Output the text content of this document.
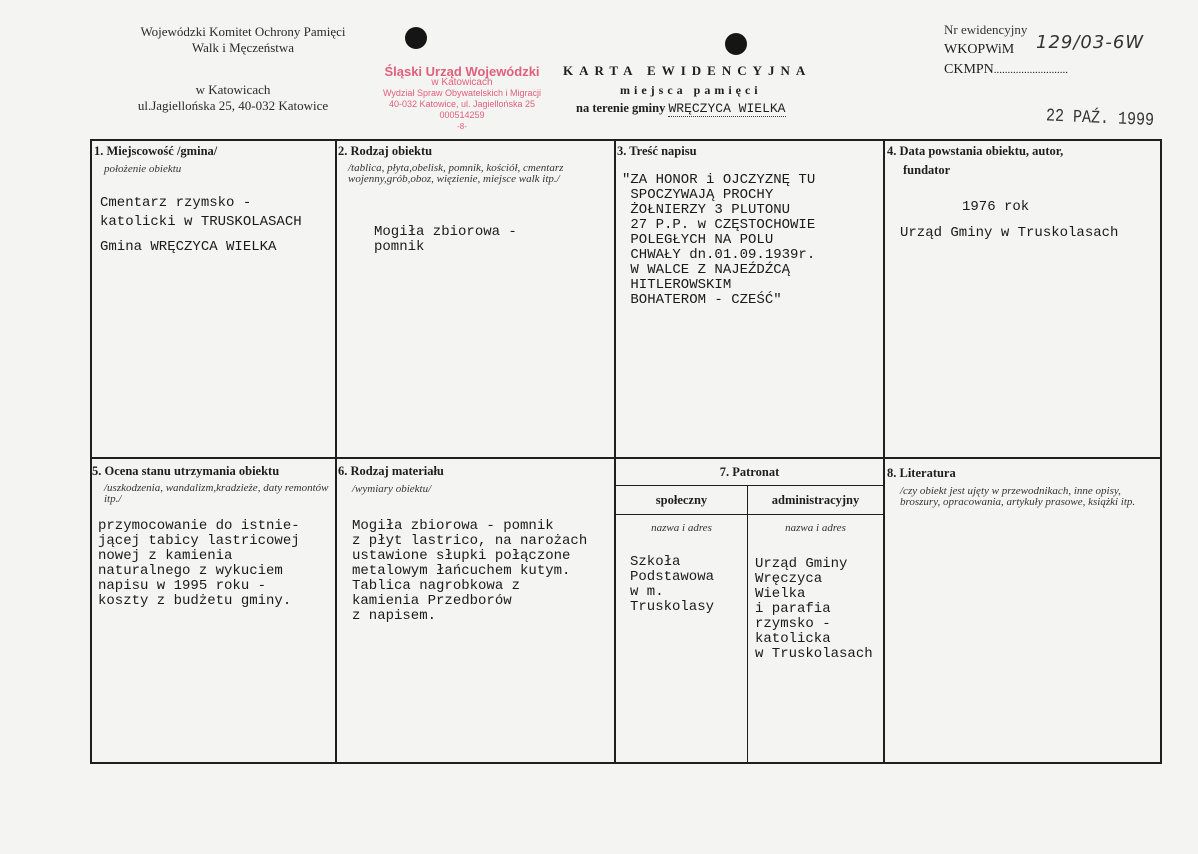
Wojewódzki Komitet Ochrony Pamięci
Walk i Męczeństwa
w Katowicach
ul.Jagiellońska 25, 40-032 Katowice
Śląski Urząd Wojewódzki
w Katowicach
Wydział Spraw Obywatelskich i Migracji
40-032 Katowice, ul. Jagiellońska 25
000514259
-8-
KARTA EWIDENCYJNA
miejsca pamięci
na terenie gminy WRĘCZYCA WIELKA
Nr ewidencyjny
WKOPWiM 129/03-6W
CKMPN...........................
22 PAŹ. 1999
1. Miejscowość /gmina/
położenie obiektu
Cmentarz rzymsko -
katolicki w TRUSKOLASACH
Gmina WRĘCZYCA WIELKA
2. Rodzaj obiektu
/tablica, płyta,obelisk, pomnik, kościół, cmentarz wojenny,grób,oboz, więzienie, miejsce walk itp./
Mogiła zbiorowa -
pomnik
3. Treść napisu
"ZA HONOR i OJCZYZNĘ TU
SPOCZYWAJĄ PROCHY
ŻOŁNIERZY 3 PLUTONU
27 P.P. w CZĘSTOCHOWIE
POLEGŁYCH NA POLU
CHWAŁY dn.01.09.1939r.
W WALCE Z NAJEŹDŹCĄ
HITLEROWSKIM
BOHATEROM - CZEŚĆ"
4. Data powstania obiektu, autor,
fundator
1976 rok
Urząd Gminy w Truskolasach
5. Ocena stanu utrzymania obiektu
/uszkodzenia, wandalizm,kradzieże, daty remontów itp./
przymocowanie do istnie-
jącej tabicy lastricowej
nowej z kamienia
naturalnego z wykuciem
napisu w 1995 roku -
koszty z budżetu gminy.
6. Rodzaj materiału
/wymiary obiektu/
Mogiła zbiorowa - pomnik
z płyt lastrico, na narożach
ustawione słupki połączone
metalowym łańcuchem kutym.
Tablica nagrobkowa z
kamienia Przedborów
z napisem.
7. Patronat
społeczny	administracyjny
nazwa i adres	nazwa i adres
Szkoła
Podstawowa
w m.
Truskolasy
Urząd Gminy
Wręczyca
Wielka
i parafia
rzymsko -
katolicka
w Truskolasach
8. Literatura
/czy obiekt jest ujęty w przewodnikach, inne opisy, broszury, opracowania, artykuły prasowe, książki itp.
